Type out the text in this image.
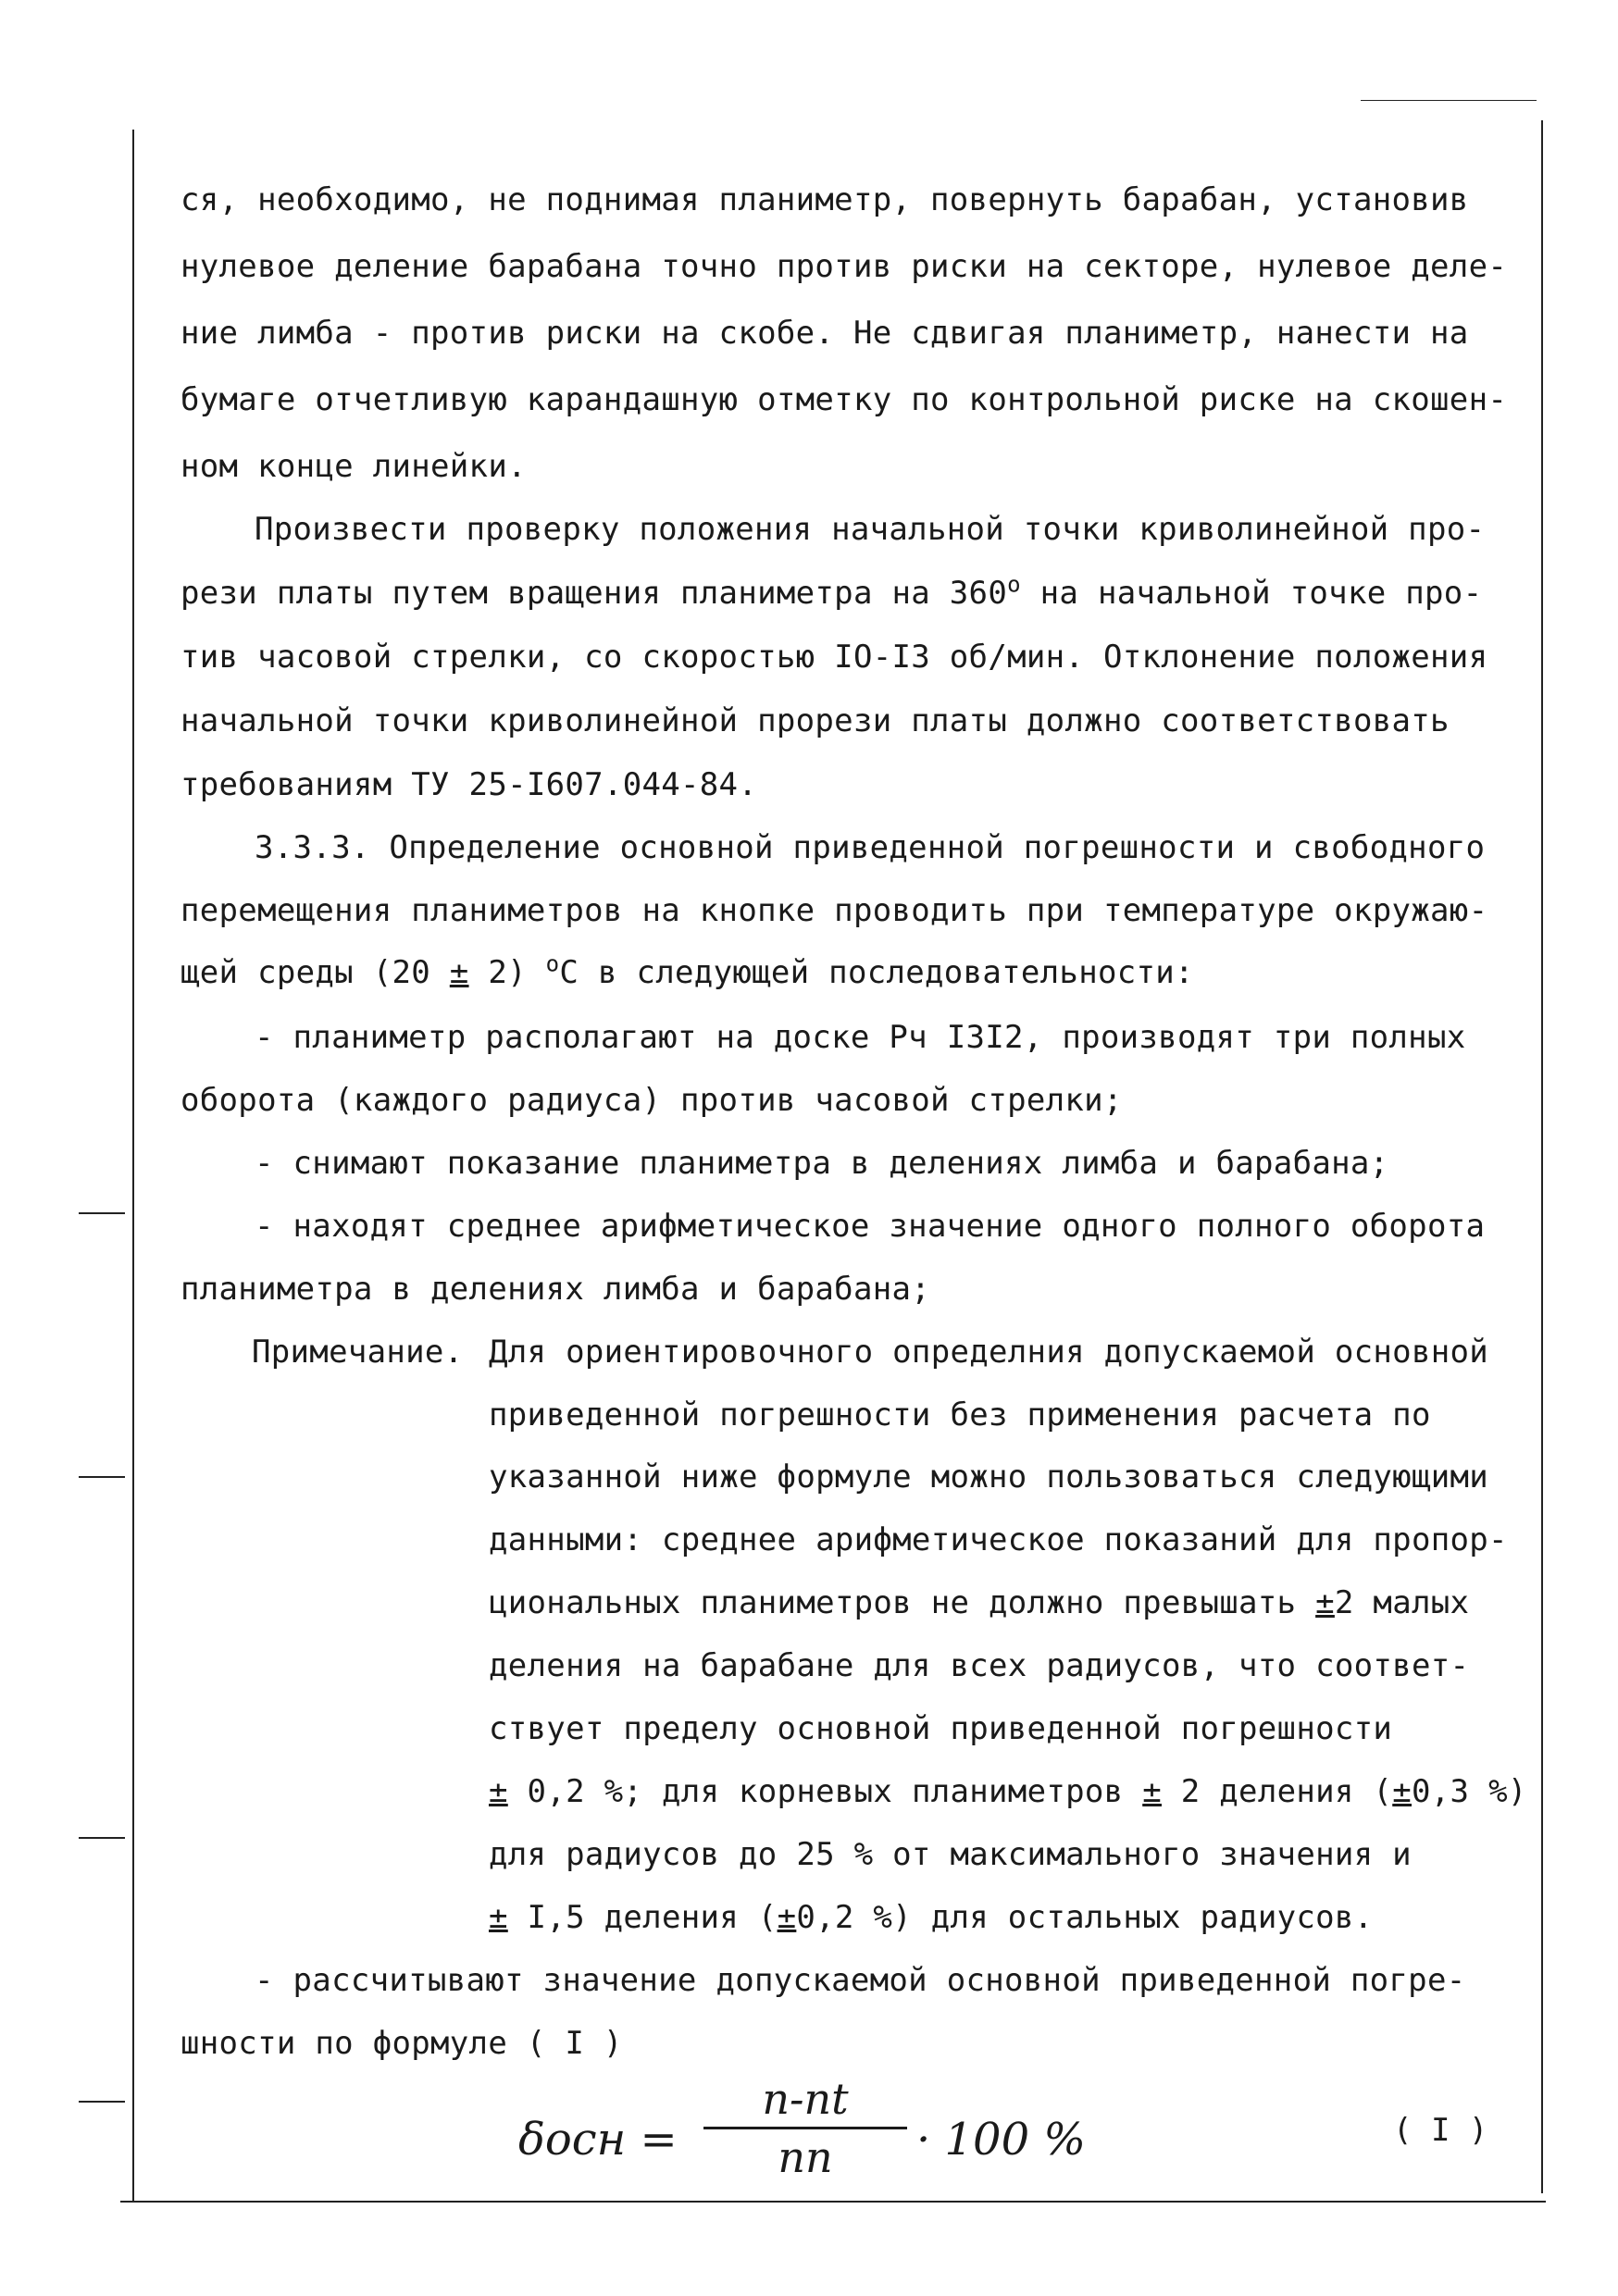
ся, необходимо, не поднимая планиметр, повернуть барабан, установив
нулевое деление барабана точно против риски на секторе, нулевое деле-
ние лимба - против риски на скобе. Не сдвигая планиметр, нанести на
бумаге отчетливую карандашную отметку по контрольной риске на скошен-
ном конце линейки.
Произвести проверку положения начальной точки криволинейной про-
рези платы путем вращения планиметра на $360^о$ на начальной точке про-
тив часовой стрелки, со скоростью IO-I3 об/мин. Отклонение положения
начальной точки криволинейной прорези платы должно соответствовать
требованиям ТУ 25-I607.044-84.
3.3.3. Определение основной приведенной погрешности и свободного
перемещения планиметров на кнопке проводить при температуре окружаю-
щей среды (20 ± 2) $^о$С в следующей последовательности:
- планиметр располагают на доске Рч I3I2, производят три полных
оборота (каждого радиуса) против часовой стрелки;
- снимают показание планиметра в делениях лимба и барабана;
- находят среднее арифметическое значение одного полного оборота
планиметра в делениях лимба и барабана;
Примечание. Для ориентировочного определния допускаемой основной
приведенной погрешности без применения расчета по
указанной ниже формуле можно пользоваться следующими
данными: среднее арифметическое показаний для пропор-
циональных планиметров не должно превышать ±2 малых
деления на барабане для всех радиусов, что соответ-
ствует пределу основной приведенной погрешности
± 0,2 %; для корневых планиметров ± 2 деления (±0,3 %)
для радиусов до 25 % от максимального значения и
± I,5 деления (±0,2 %) для остальных радиусов.
- рассчитывают значение допускаемой основной приведенной погре-
шности по формуле ( I )
δосн =
n-nt
nn	· 100 %	( I )
